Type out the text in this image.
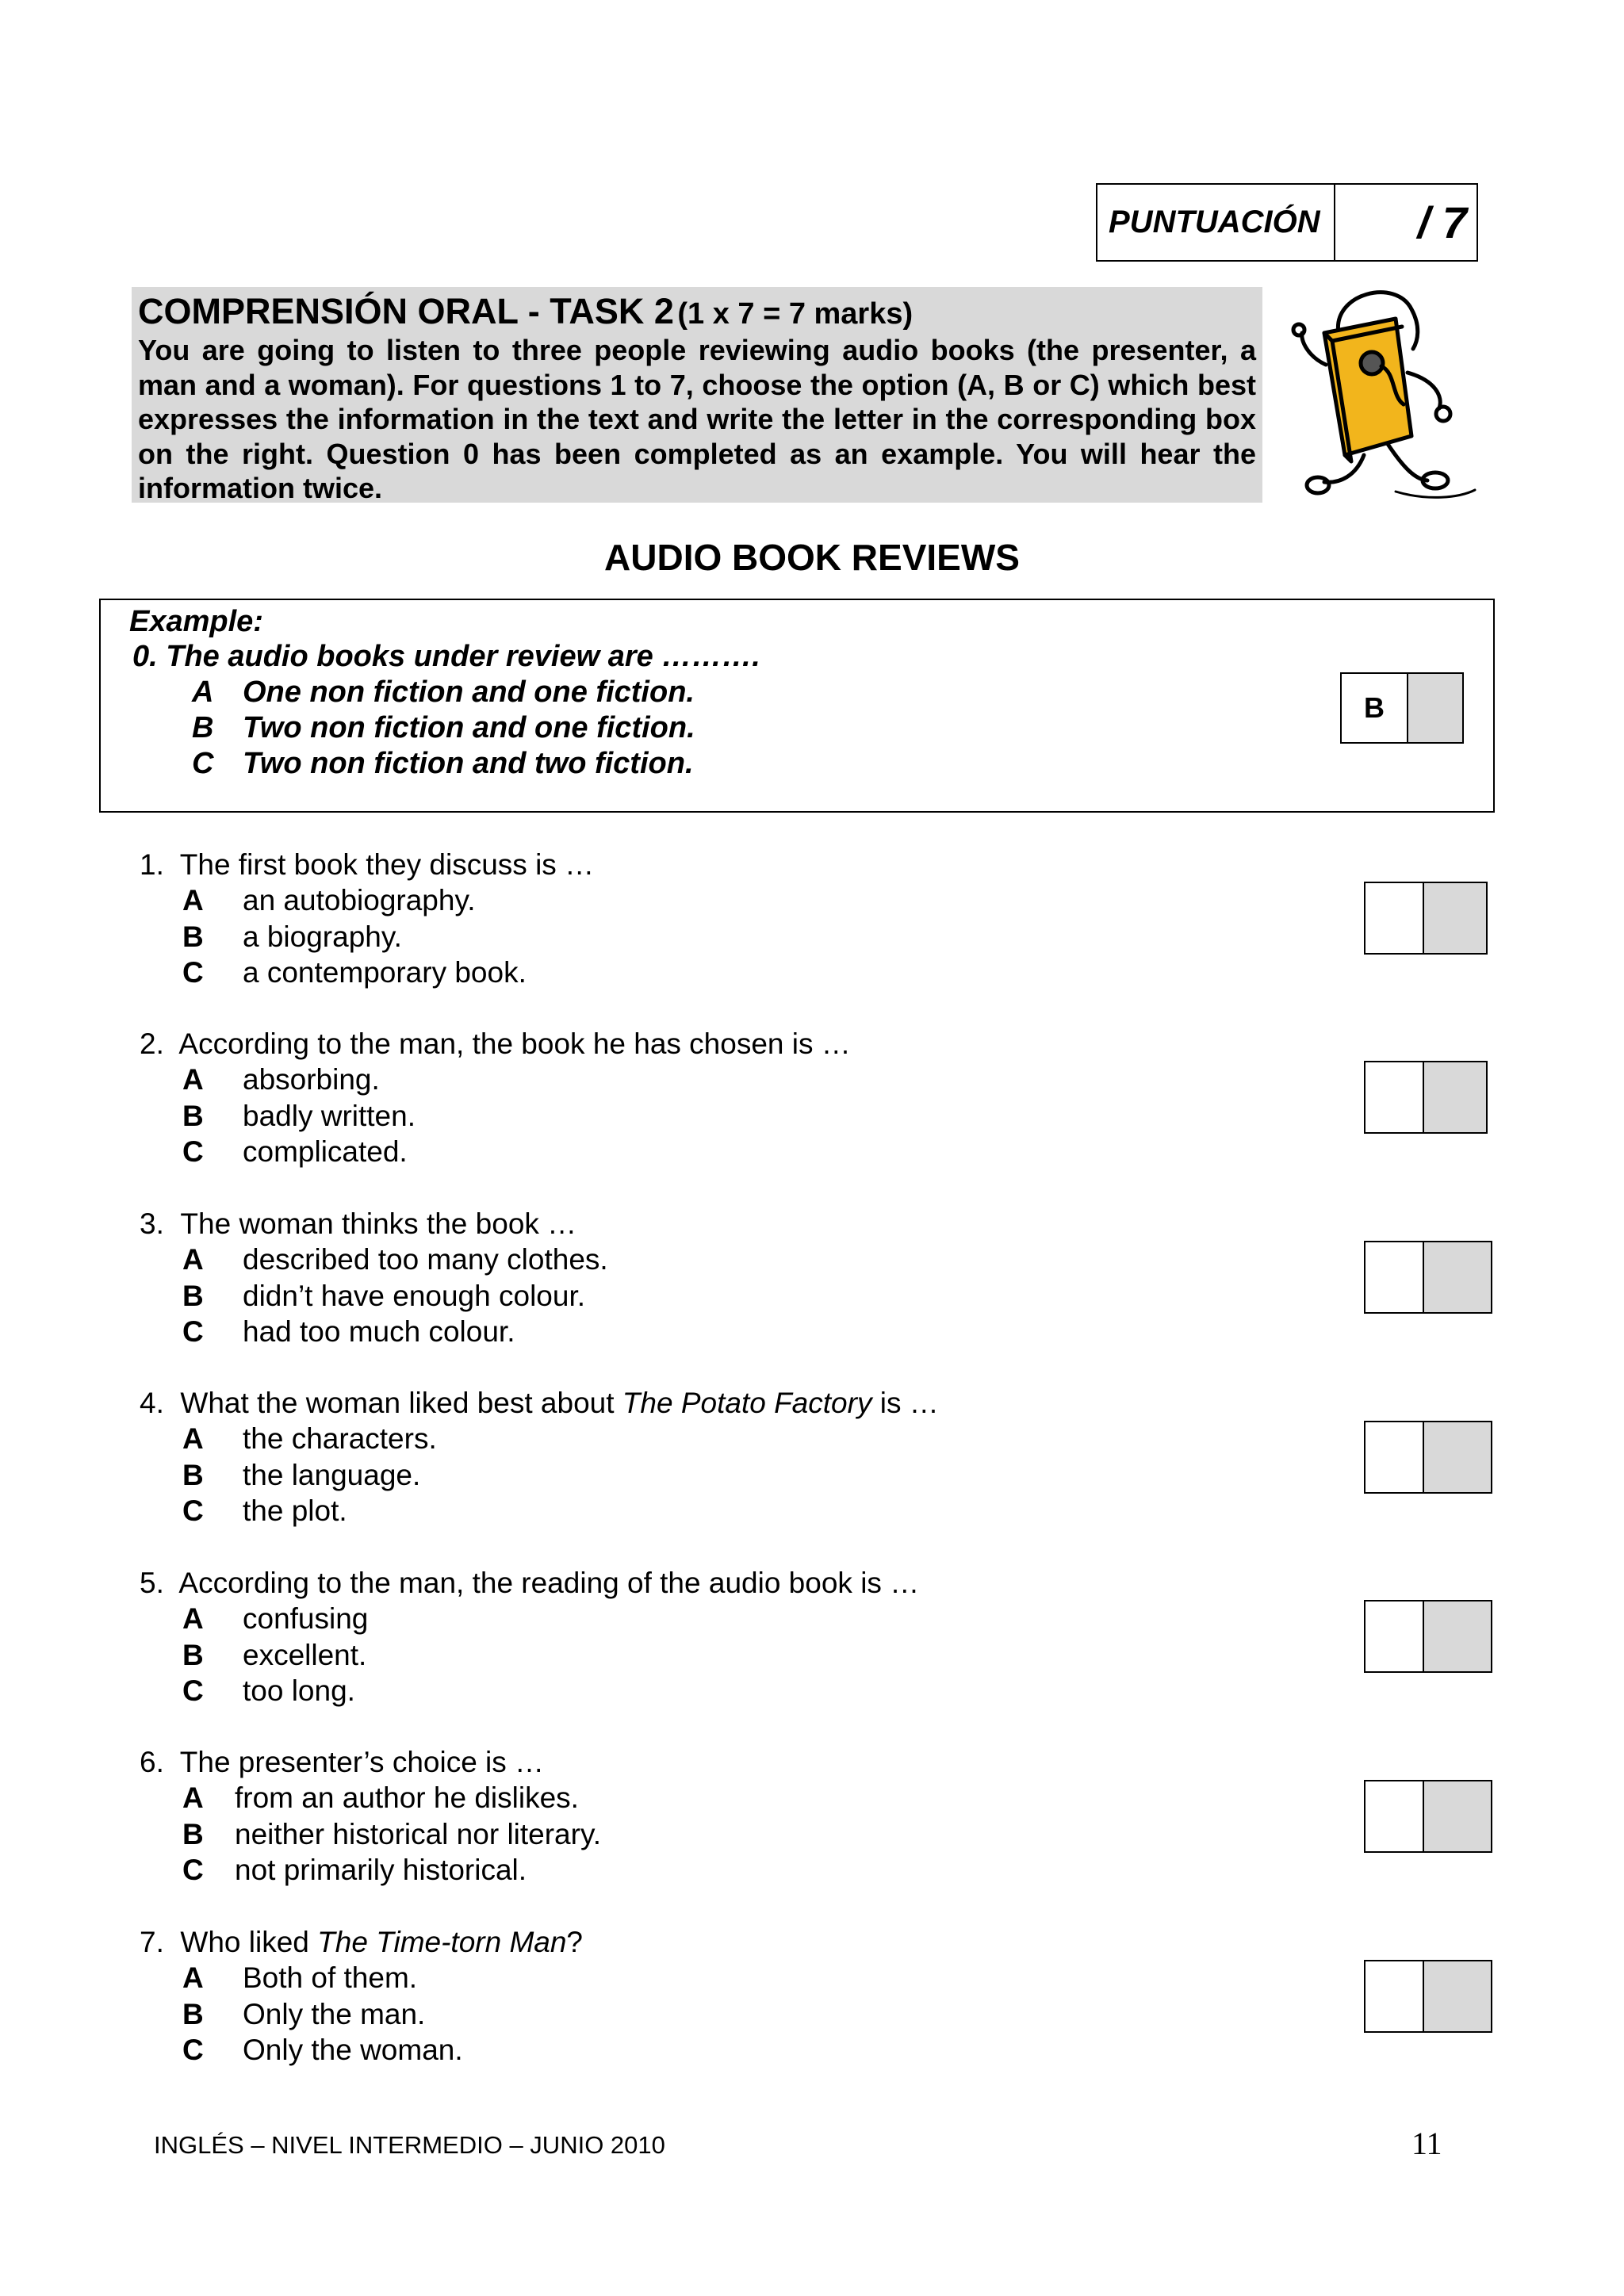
PUNTUACIÓN	/ 7
COMPRENSIÓN ORAL - TASK 2 (1 x 7 = 7 marks)
You are going to listen to three people reviewing audio books (the presenter, a man and a woman). For questions 1 to 7, choose the option (A, B or C) which best expresses the information in the text and write the letter in the corresponding box on the right. Question 0 has been completed as an example. You will hear the information twice.
AUDIO BOOK REVIEWS
Example:
0. The audio books under review are ……….
A One non fiction and one fiction.
B Two non fiction and one fiction.
C Two non fiction and two fiction.
B
1. The first book they discuss is …
A an autobiography.
B a biography.
C a contemporary book.
2. According to the man, the book he has chosen is …
A absorbing.
B badly written.
C complicated.
3. The woman thinks the book …
A described too many clothes.
B didn’t have enough colour.
C had too much colour.
4. What the woman liked best about The Potato Factory is …
A the characters.
B the language.
C the plot.
5. According to the man, the reading of the audio book is …
A confusing
B excellent.
C too long.
6. The presenter’s choice is …
A from an author he dislikes.
B neither historical nor literary.
C not primarily historical.
7. Who liked The Time-torn Man?
A Both of them.
B Only the man.
C Only the woman.
INGLÉS – NIVEL INTERMEDIO – JUNIO 2010	11
